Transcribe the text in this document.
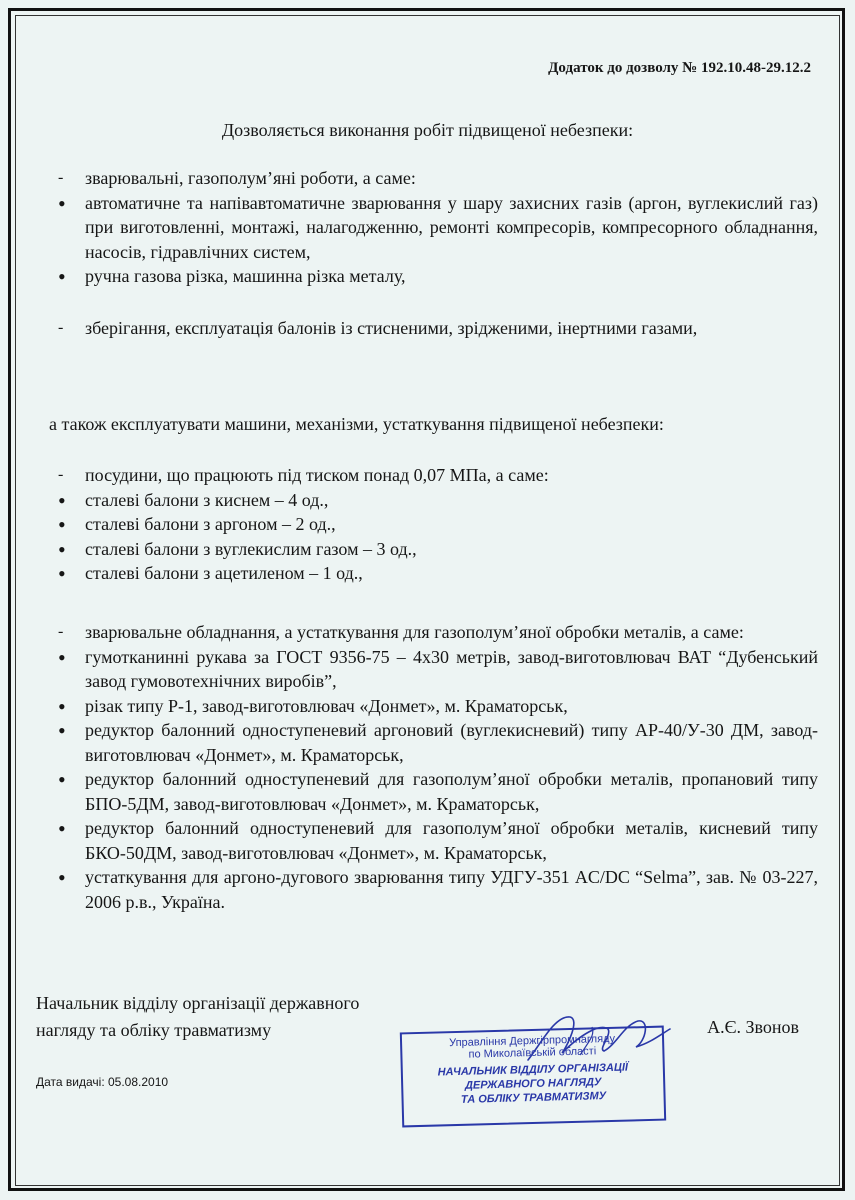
Додаток до дозволу № 192.10.48-29.12.2
Дозволяється виконання робіт підвищеної небезпеки:
-	зварювальні, газополум’яні роботи, а саме:
•	автоматичне та напівавтоматичне зварювання у шару захисних газів (аргон, вуглекислий газ) при виготовленні, монтажі, налагодженню, ремонті компресорів, компресорного обладнання, насосів, гідравлічних систем,
•	ручна газова різка, машинна різка металу,
-	зберігання, експлуатація балонів із стисненими, зрідженими, інертними газами,
а також експлуатувати машини, механізми, устаткування підвищеної небезпеки:
-	посудини, що працюють під тиском понад 0,07 МПа, а саме:
•	сталеві балони з киснем – 4 од.,
•	сталеві балони з аргоном – 2 од.,
•	сталеві балони з вуглекислим газом – 3 од.,
•	сталеві балони з ацетиленом – 1 од.,
-	зварювальне обладнання, а устаткування для газополум’яної обробки металів, а саме:
•	гумотканинні рукава за ГОСТ 9356-75 – 4х30 метрів, завод-виготовлювач ВАТ “Дубенський завод гумовотехнічних виробів”,
•	різак типу Р-1, завод-виготовлювач «Донмет», м. Краматорськ,
•	редуктор балонний одноступеневий аргоновий (вуглекисневий) типу АР-40/У-30 ДМ, завод-виготовлювач «Донмет», м. Краматорськ,
•	редуктор балонний одноступеневий для газополум’яної обробки металів, пропановий типу БПО-5ДМ, завод-виготовлювач «Донмет», м. Краматорськ,
•	редуктор балонний одноступеневий для газополум’яної обробки металів, кисневий типу БКО-50ДМ, завод-виготовлювач «Донмет», м. Краматорськ,
•	устаткування для аргоно-дугового зварювання типу УДГУ-351 AC/DC “Selma”, зав. № 03-227, 2006 р.в., Україна.
Начальник відділу організації державного
нагляду та обліку травматизму	А.Є. Звонов
Управління Держгірпромнагляду
по Миколаївській області
НАЧАЛЬНИК ВІДДІЛУ ОРГАНІЗАЦІЇ
ДЕРЖАВНОГО НАГЛЯДУ
ТА ОБЛІКУ ТРАВМАТИЗМУ
Дата видачі: 05.08.2010
